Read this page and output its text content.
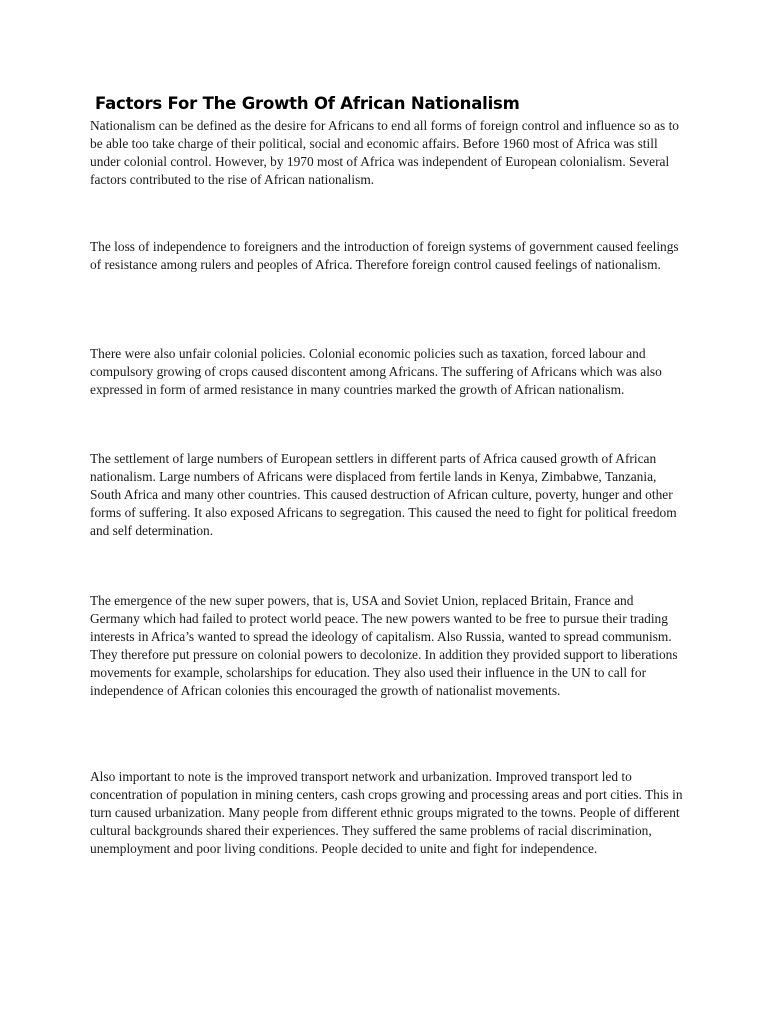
Factors For The Growth Of African Nationalism

Nationalism can be defined as the desire for Africans to end all forms of foreign control and influence so as to be able too take charge of their political, social and economic affairs. Before 1960 most of Africa was still under colonial control. However, by 1970 most of Africa was independent of European colonialism. Several factors contributed to the rise of African nationalism.

The loss of independence to foreigners and the introduction of foreign systems of government caused feelings of resistance among rulers and peoples of Africa. Therefore foreign control caused feelings of nationalism.

There were also unfair colonial policies. Colonial economic policies such as taxation, forced labour and compulsory growing of crops caused discontent among Africans. The suffering of Africans which was also expressed in form of armed resistance in many countries marked the growth of African nationalism.

The settlement of large numbers of European settlers in different parts of Africa caused growth of African nationalism. Large numbers of Africans were displaced from fertile lands in Kenya, Zimbabwe, Tanzania, South Africa and many other countries. This caused destruction of African culture, poverty, hunger and other forms of suffering. It also exposed Africans to segregation. This caused the need to fight for political freedom and self determination.

The emergence of the new super powers, that is, USA and Soviet Union, replaced Britain, France and Germany which had failed to protect world peace. The new powers wanted to be free to pursue their trading interests in Africa’s wanted to spread the ideology of capitalism. Also Russia, wanted to spread communism. They therefore put pressure on colonial powers to decolonize. In addition they provided support to liberations movements for example, scholarships for education. They also used their influence in the UN to call for independence of African colonies this encouraged the growth of nationalist movements.

Also important to note is the improved transport network and urbanization. Improved transport led to concentration of population in mining centers, cash crops growing and processing areas and port cities. This in turn caused urbanization. Many people from different ethnic groups migrated to the towns. People of different cultural backgrounds shared their experiences. They suffered the same problems of racial discrimination, unemployment and poor living conditions. People decided to unite and fight for independence.
